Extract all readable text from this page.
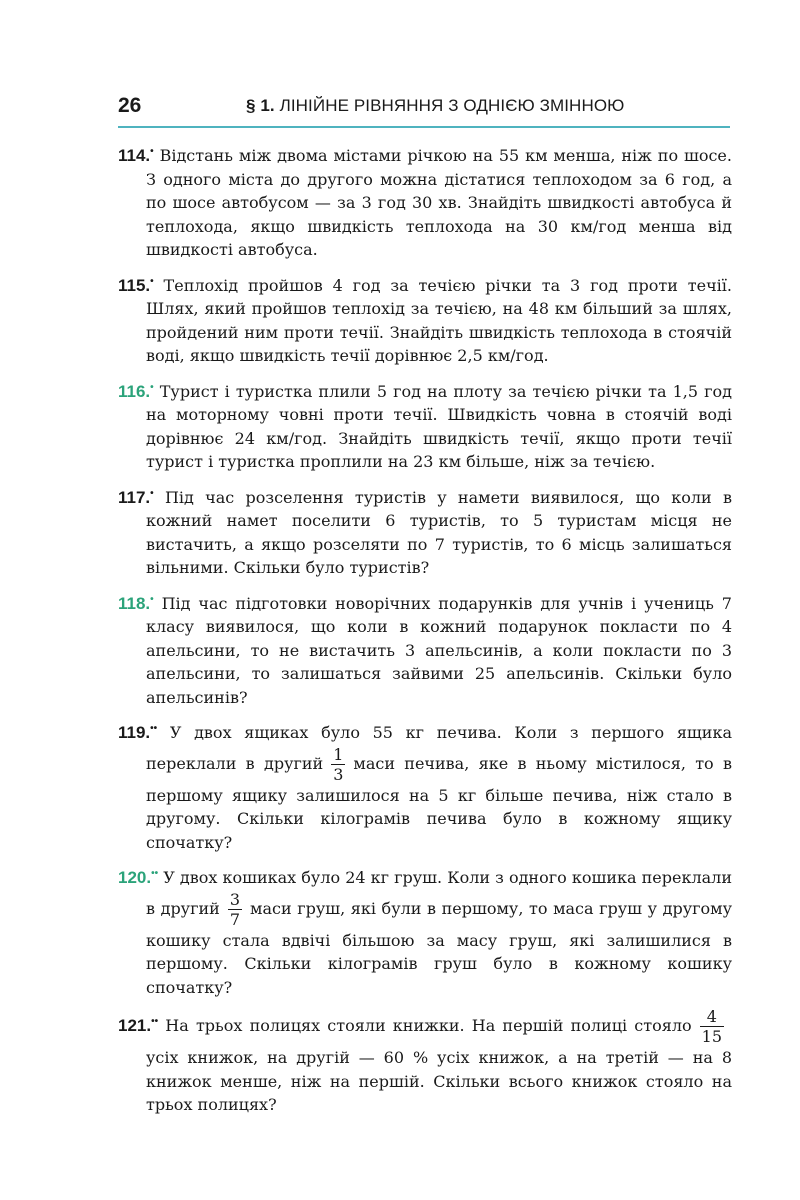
26	§ 1. ЛІНІЙНЕ РІВНЯННЯ З ОДНІЄЮ ЗМІННОЮ

114.• Відстань між двома містами річкою на 55 км менша, ніж по шосе. З одного міста до другого можна дістатися теплоходом за 6 год, а по шосе автобусом — за 3 год 30 хв. Знайдіть швидкості автобуса й теплохода, якщо швидкість теплохода на 30 км/год менша від швидкості автобуса.

115.• Теплохід пройшов 4 год за течією річки та 3 год проти течії. Шлях, який пройшов теплохід за течією, на 48 км більший за шлях, пройдений ним проти течії. Знайдіть швидкість теплохода в стоячій воді, якщо швидкість течії дорівнює 2,5 км/год.

116.• Турист і туристка плили 5 год на плоту за течією річки та 1,5 год на моторному човні проти течії. Швидкість човна в стоячій воді дорівнює 24 км/год. Знайдіть швидкість течії, якщо проти течії турист і туристка проплили на 23 км більше, ніж за течією.

117.• Під час розселення туристів у намети виявилося, що коли в кожний намет поселити 6 туристів, то 5 туристам місця не вистачить, а якщо розселяти по 7 туристів, то 6 місць залишаться вільними. Скільки було туристів?

118.• Під час підготовки новорічних подарунків для учнів і учениць 7 класу виявилося, що коли в кожний подарунок покласти по 4 апельсини, то не вистачить 3 апельсинів, а коли покласти по 3 апельсини, то залишаться зайвими 25 апельсинів. Скільки було апельсинів?

119.•• У двох ящиках було 55 кг печива. Коли з першого ящика переклали в другий $\frac{1}{3}$ маси печива, яке в ньому містилося, то в першому ящику залишилося на 5 кг більше печива, ніж стало в другому. Скільки кілограмів печива було в кожному ящику спочатку?

120.•• У двох кошиках було 24 кг груш. Коли з одного кошика переклали в другий $\frac{3}{7}$ маси груш, які були в першому, то маса груш у другому кошику стала вдвічі більшою за масу груш, які залишилися в першому. Скільки кілограмів груш було в кожному кошику спочатку?

121.•• На трьох полицях стояли книжки. На першій полиці стояло $\frac{4}{15}$
усіх книжок, на другій — 60 % усіх книжок, а на третій — на 8 книжок менше, ніж на першій. Скільки всього книжок стояло на трьох полицях?
